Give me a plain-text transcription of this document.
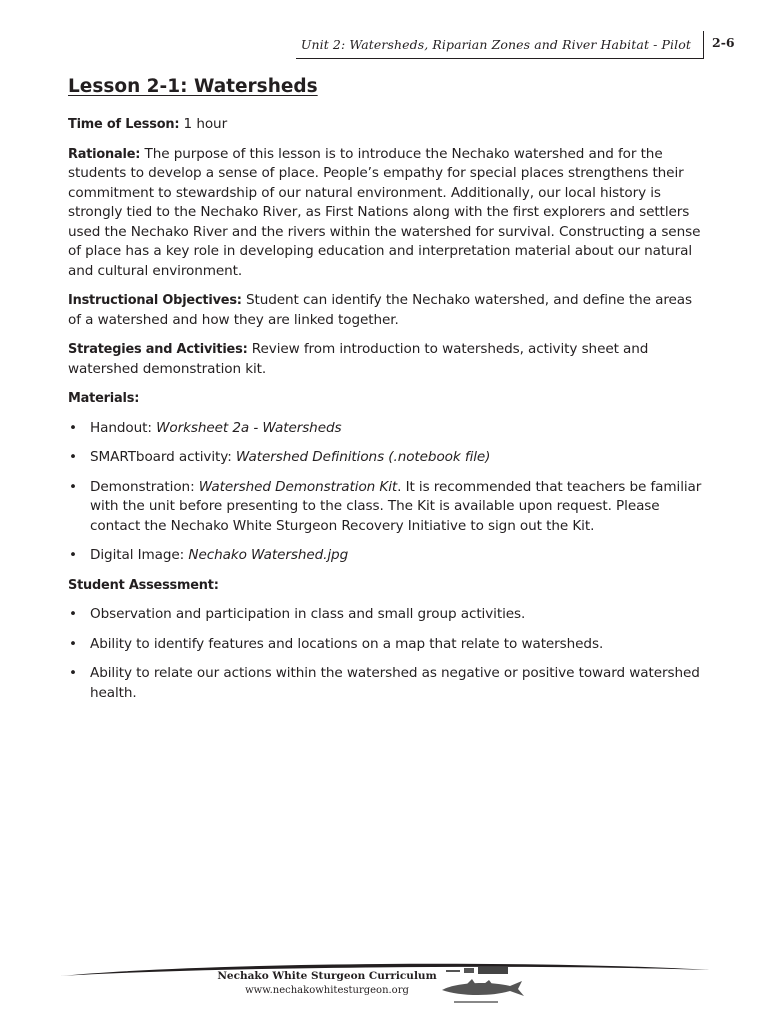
Unit 2: Watersheds, Riparian Zones and River Habitat - Pilot 2-6
Lesson 2-1: Watersheds

Time of Lesson: 1 hour

Rationale: The purpose of this lesson is to introduce the Nechako watershed and for the students to develop a sense of place. People’s empathy for special places strengthens their commitment to stewardship of our natural environment. Additionally, our local history is strongly tied to the Nechako River, as First Nations along with the first explorers and settlers used the Nechako River and the rivers within the watershed for survival. Constructing a sense of place has a key role in developing education and interpretation material about our natural and cultural environment.

Instructional Objectives: Student can identify the Nechako watershed, and define the areas of a watershed and how they are linked together.

Strategies and Activities: Review from introduction to watersheds, activity sheet and watershed demonstration kit.

Materials:
• Handout: Worksheet 2a - Watersheds
• SMARTboard activity: Watershed Definitions (.notebook file)
• Demonstration: Watershed Demonstration Kit. It is recommended that teachers be familiar with the unit before presenting to the class. The Kit is available upon request. Please contact the Nechako White Sturgeon Recovery Initiative to sign out the Kit.
• Digital Image: Nechako Watershed.jpg
Student Assessment:
• Observation and participation in class and small group activities.
• Ability to identify features and locations on a map that relate to watersheds.
• Ability to relate our actions within the watershed as negative or positive toward watershed health.
Nechako White Sturgeon Curriculum
www.nechakowhitesturgeon.org
